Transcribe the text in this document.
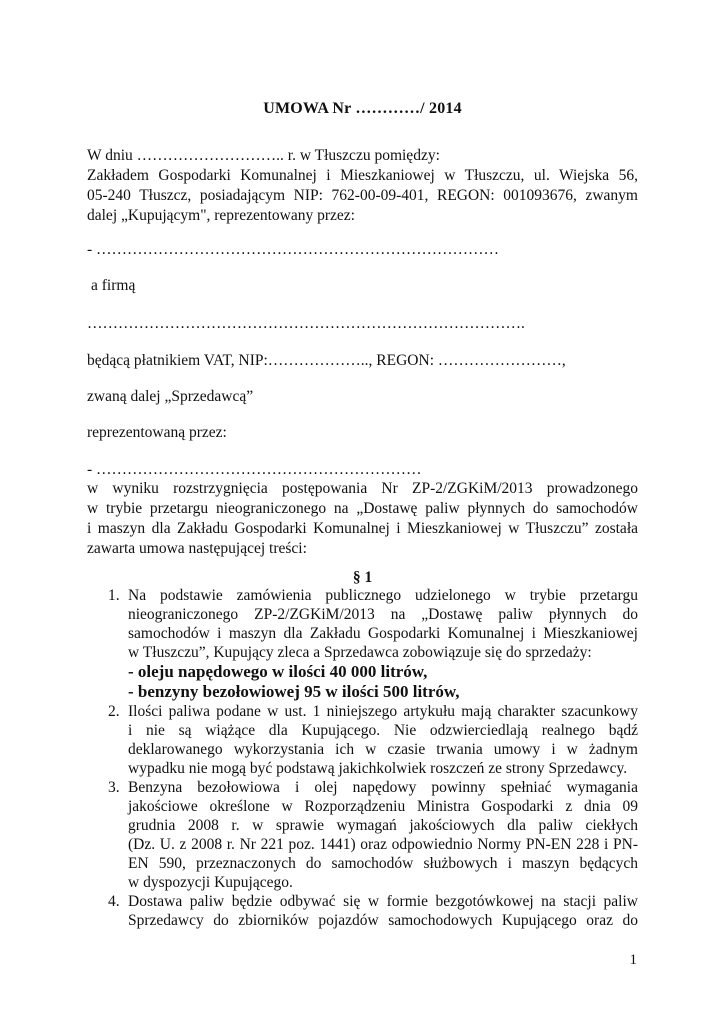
UMOWA Nr …………/ 2014
W dniu ……………………….. r. w Tłuszczu pomiędzy:
Zakładem Gospodarki Komunalnej i Mieszkaniowej w Tłuszczu, ul. Wiejska 56,
05-240 Tłuszcz, posiadającym NIP: 762-00-09-401, REGON: 001093676, zwanym
dalej „Kupującym", reprezentowany przez:
- ……………………………………………………………………
a firmą
………………………………………………………………………….
będącą płatnikiem VAT, NIP:……………….., REGON: ……………………,
zwaną dalej „Sprzedawcą”
reprezentowaną przez:
- ………………………………………………………
w wyniku rozstrzygnięcia postępowania Nr ZP-2/ZGKiM/2013 prowadzonego
w trybie przetargu nieograniczonego na „Dostawę paliw płynnych do samochodów
i maszyn dla Zakładu Gospodarki Komunalnej i Mieszkaniowej w Tłuszczu” została
zawarta umowa następującej treści:
§ 1
1. Na podstawie zamówienia publicznego udzielonego w trybie przetargu
nieograniczonego ZP-2/ZGKiM/2013 na „Dostawę paliw płynnych do
samochodów i maszyn dla Zakładu Gospodarki Komunalnej i Mieszkaniowej
w Tłuszczu”, Kupujący zleca a Sprzedawca zobowiązuje się do sprzedaży:
- oleju napędowego w ilości 40 000 litrów,
- benzyny bezołowiowej 95 w ilości 500 litrów,
2. Ilości paliwa podane w ust. 1 niniejszego artykułu mają charakter szacunkowy
i nie są wiążące dla Kupującego. Nie odzwierciedlają realnego bądź
deklarowanego wykorzystania ich w czasie trwania umowy i w żadnym
wypadku nie mogą być podstawą jakichkolwiek roszczeń ze strony Sprzedawcy.
3. Benzyna bezołowiowa i olej napędowy powinny spełniać wymagania
jakościowe określone w Rozporządzeniu Ministra Gospodarki z dnia 09
grudnia 2008 r. w sprawie wymagań jakościowych dla paliw ciekłych
(Dz. U. z 2008 r. Nr 221 poz. 1441) oraz odpowiednio Normy PN-EN 228 i PN-
EN 590, przeznaczonych do samochodów służbowych i maszyn będących
w dyspozycji Kupującego.
4. Dostawa paliw będzie odbywać się w formie bezgotówkowej na stacji paliw
Sprzedawcy do zbiorników pojazdów samochodowych Kupującego oraz do
1
